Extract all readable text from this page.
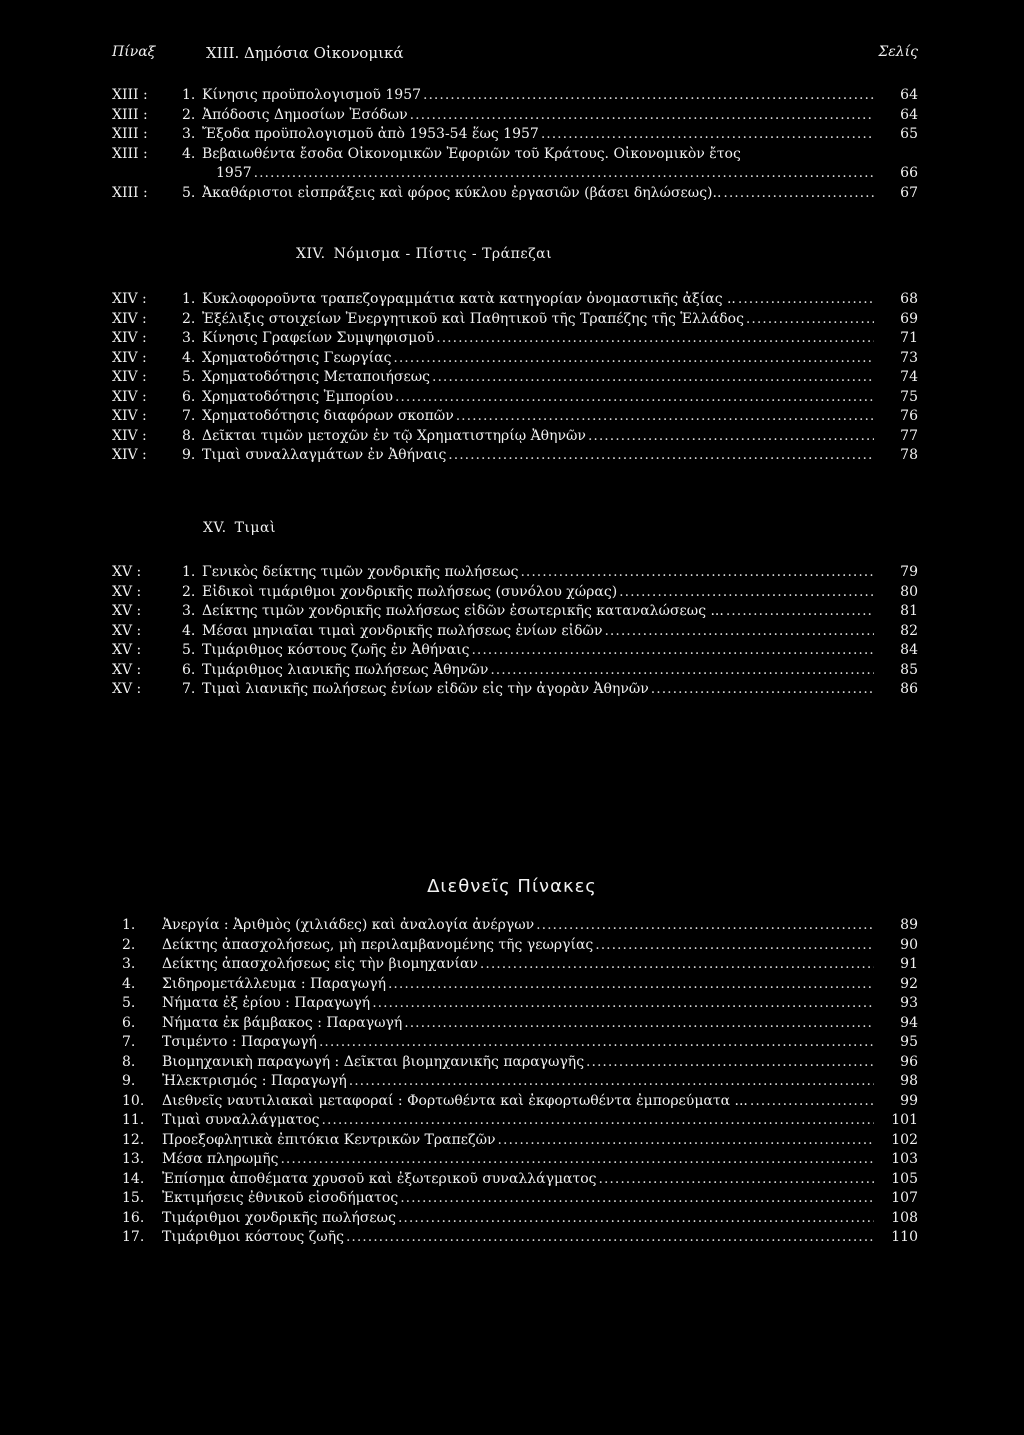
Πίναξ	XIII. Δημόσια Οἰκονομικά	Σελίς
XIII :	1. Κίνησις προϋπολογισμοῦ 1957 .....	64
XIII :	2. Ἀπόδοσις Δημοσίων Ἐσόδων .....	64
XIII :	3. Ἔξοδα προϋπολογισμοῦ ἀπὸ 1953-54 ἕως 1957 .....	65
XIII :	4. Βεβαιωθέντα ἔσοδα Οἰκονομικῶν Ἐφοριῶν τοῦ Κράτους. Οἰκονομικὸν ἔτος
1957 .....	66
XIII :	5. Ἀκαθάριστοι εἰσπράξεις καὶ φόρος κύκλου ἐργασιῶν (βάσει δηλώσεως).. .....	67
XIV. Νόμισμα - Πίστις - Τράπεζαι
XIV :	1. Κυκλοφοροῦντα τραπεζογραμμάτια κατὰ κατηγορίαν ὀνομαστικῆς ἀξίας .. .....	68
XIV :	2. Ἐξέλιξις στοιχείων Ἐνεργητικοῦ καὶ Παθητικοῦ τῆς Τραπέζης τῆς Ἑλλάδος .....	69
XIV :	3. Κίνησις Γραφείων Συμψηφισμοῦ .....	71
XIV :	4. Χρηματοδότησις Γεωργίας .....	73
XIV :	5. Χρηματοδότησις Μεταποιήσεως .....	74
XIV :	6. Χρηματοδότησις Ἐμπορίου .....	75
XIV :	7. Χρηματοδότησις διαφόρων σκοπῶν .....	76
XIV :	8. Δεῖκται τιμῶν μετοχῶν ἐν τῷ Χρηματιστηρίῳ Ἀθηνῶν .....	77
XIV :	9. Τιμαὶ συναλλαγμάτων ἐν Ἀθήναις .....	78
XV. Τιμαὶ
XV :	1. Γενικὸς δείκτης τιμῶν χονδρικῆς πωλήσεως .....	79
XV :	2. Εἰδικοὶ τιμάριθμοι χονδρικῆς πωλήσεως (συνόλου χώρας) .....	80
XV :	3. Δείκτης τιμῶν χονδρικῆς πωλήσεως εἰδῶν ἐσωτερικῆς καταναλώσεως ... .....	81
XV :	4. Μέσαι μηνιαῖαι τιμαὶ χονδρικῆς πωλήσεως ἐνίων εἰδῶν .....	82
XV :	5. Τιμάριθμος κόστους ζωῆς ἐν Ἀθήναις .....	84
XV :	6. Τιμάριθμος λιανικῆς πωλήσεως Ἀθηνῶν .....	85
XV :	7. Τιμαὶ λιανικῆς πωλήσεως ἐνίων εἰδῶν εἰς τὴν ἀγορὰν Ἀθηνῶν .....	86
Διεθνεῖς Πίνακες
1.	Ἀνεργία : Ἀριθμὸς (χιλιάδες) καὶ ἀναλογία ἀνέργων .....	89
2.	Δείκτης ἀπασχολήσεως, μὴ περιλαμβανομένης τῆς γεωργίας .....	90
3.	Δείκτης ἀπασχολήσεως εἰς τὴν βιομηχανίαν .....	91
4.	Σιδηρομετάλλευμα : Παραγωγή .....	92
5.	Νήματα ἐξ ἐρίου : Παραγωγή .....	93
6.	Νήματα ἐκ βάμβακος : Παραγωγή .....	94
7.	Τσιμέντο : Παραγωγή .....	95
8.	Βιομηχανικὴ παραγωγή : Δεῖκται βιομηχανικῆς παραγωγῆς .....	96
9.	Ἠλεκτρισμός : Παραγωγή .....	98
10.	Διεθνεῖς ναυτιλιακαὶ μεταφοραί : Φορτωθέντα καὶ ἐκφορτωθέντα ἐμπορεύματα ... .....	99
11.	Τιμαὶ συναλλάγματος .....	101
12.	Προεξοφλητικὰ ἐπιτόκια Κεντρικῶν Τραπεζῶν .....	102
13.	Μέσα πληρωμῆς .....	103
14.	Ἐπίσημα ἀποθέματα χρυσοῦ καὶ ἐξωτερικοῦ συναλλάγματος .....	105
15.	Ἐκτιμήσεις ἐθνικοῦ εἰσοδήματος .....	107
16.	Τιμάριθμοι χονδρικῆς πωλήσεως .....	108
17.	Τιμάριθμοι κόστους ζωῆς .....	110
